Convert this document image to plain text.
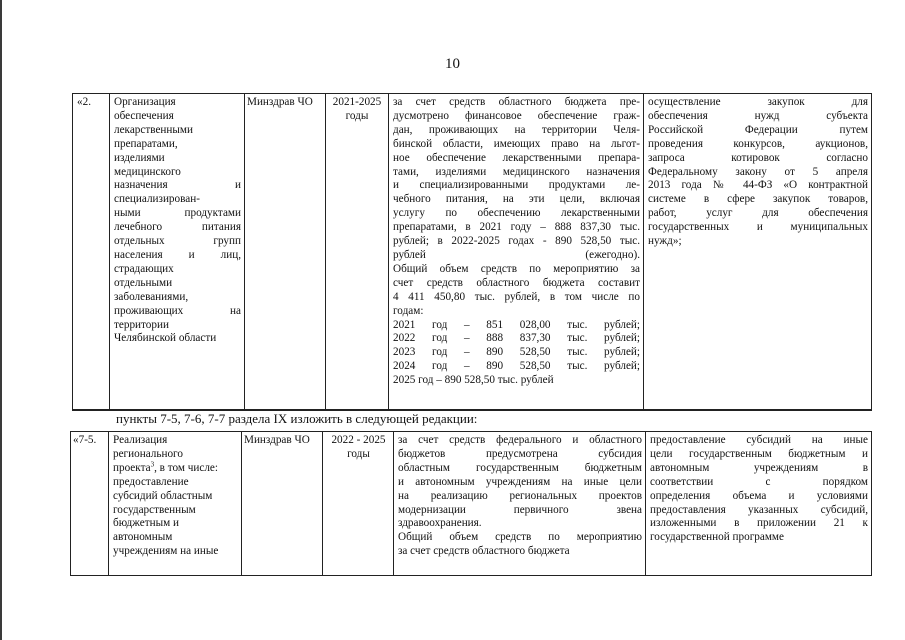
10
«2.	Организация
обеспечения
лекарственными
препаратами,
изделиями
медицинского
назначения и
специализирован-
ными продуктами
лечебного питания
отдельных групп
населения и лиц,
страдающих
отдельными
заболеваниями,
проживающих на
территории
Челябинской области
	Минздрав ЧО	2021-2025 годы	
за счет средств областного бюджета пре-
дусмотрено финансовое обеспечение граж-
дан, проживающих на территории Челя-
бинской области, имеющих право на льгот-
ное обеспечение лекарственными препара-
тами, изделиями медицинского назначения
и специализированными продуктами ле-
чебного питания, на эти цели, включая
услугу по обеспечению лекарственными
препаратами, в 2021 году – 888 837,30 тыс.
рублей; в 2022-2025 годах - 890 528,50 тыс.
рублей (ежегодно).
Общий объем средств по мероприятию за
счет средств областного бюджета составит
4 411 450,80 тыс. рублей, в том числе по
годам:
2021 год – 851 028,00 тыс. рублей;
2022 год – 888 837,30 тыс. рублей;
2023 год – 890 528,50 тыс. рублей;
2024 год – 890 528,50 тыс. рублей;
2025 год – 890 528,50 тыс. рублей

осуществление закупок для
обеспечения нужд субъекта
Российской Федерации путем
проведения конкурсов, аукционов,
запроса котировок согласно
Федеральному закону от 5 апреля
2013 года № 44-ФЗ «О контрактной
системе в сфере закупок товаров,
работ, услуг для обеспечения
государственных и муниципальных
нужд»;
пункты 7-5, 7-6, 7-7 раздела IX изложить в следующей редакции:
«7-5.	Реализация
регионального
проекта$^3$, в том числе:
предоставление
субсидий областным
государственным
бюджетным и
автономным
учреждениям на иные
	Минздрав ЧО	2022 - 2025 годы	
за счет средств федерального и областного
бюджетов предусмотрена субсидия
областным государственным бюджетным
и автономным учреждениям на иные цели
на реализацию региональных проектов
модернизации первичного звена
здравоохранения.
Общий объем средств по мероприятию
за счет средств областного бюджета

предоставление субсидий на иные
цели государственным бюджетным и
автономным учреждениям в
соответствии с порядком
определения объема и условиями
предоставления указанных субсидий,
изложенными в приложении 21 к
государственной программе
